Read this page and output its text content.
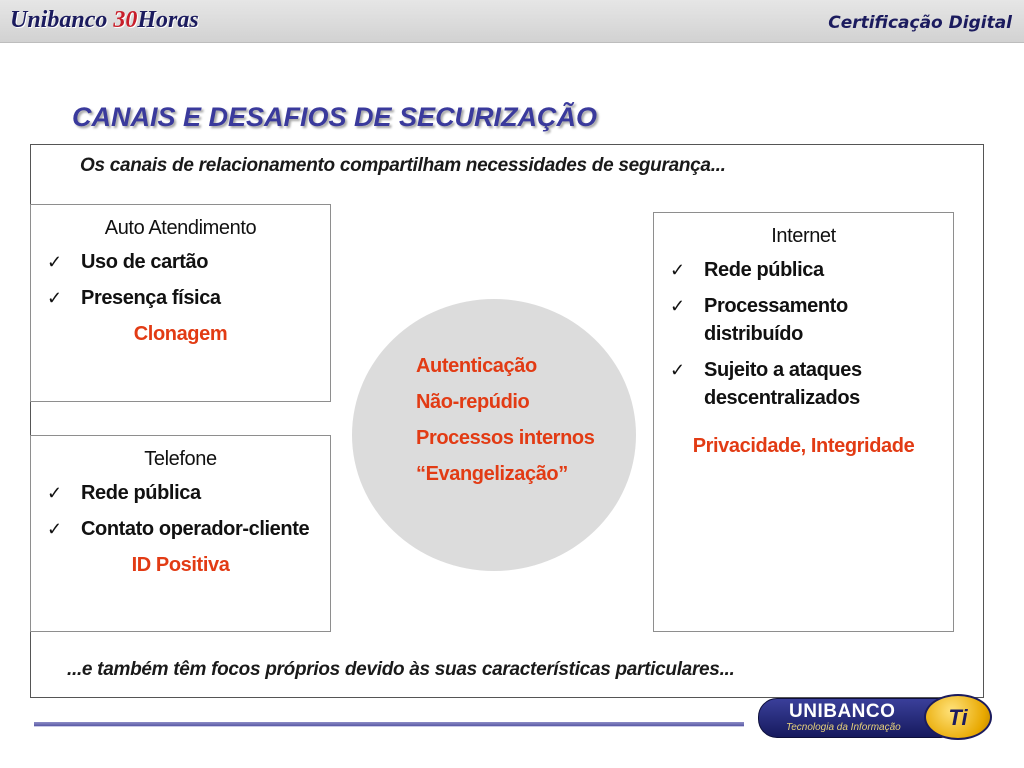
Unibanco 30Horas	Certificação Digital
CANAIS E DESAFIOS DE SECURIZAÇÃO
Os canais de relacionamento compartilham necessidades de segurança...
Auto Atendimento
✓ Uso de cartão
✓ Presença física
Clonagem
Telefone
✓ Rede pública
✓ Contato operador-cliente
ID Positiva
Internet
✓ Rede pública
✓ Processamento distribuído
✓ Sujeito a ataques descentralizados
Privacidade, Integridade
Autenticação
Não-repúdio
Processos internos
“Evangelização”
...e também têm focos próprios devido às suas características particulares...
UNIBANCO
Tecnologia da Informação	Ti
